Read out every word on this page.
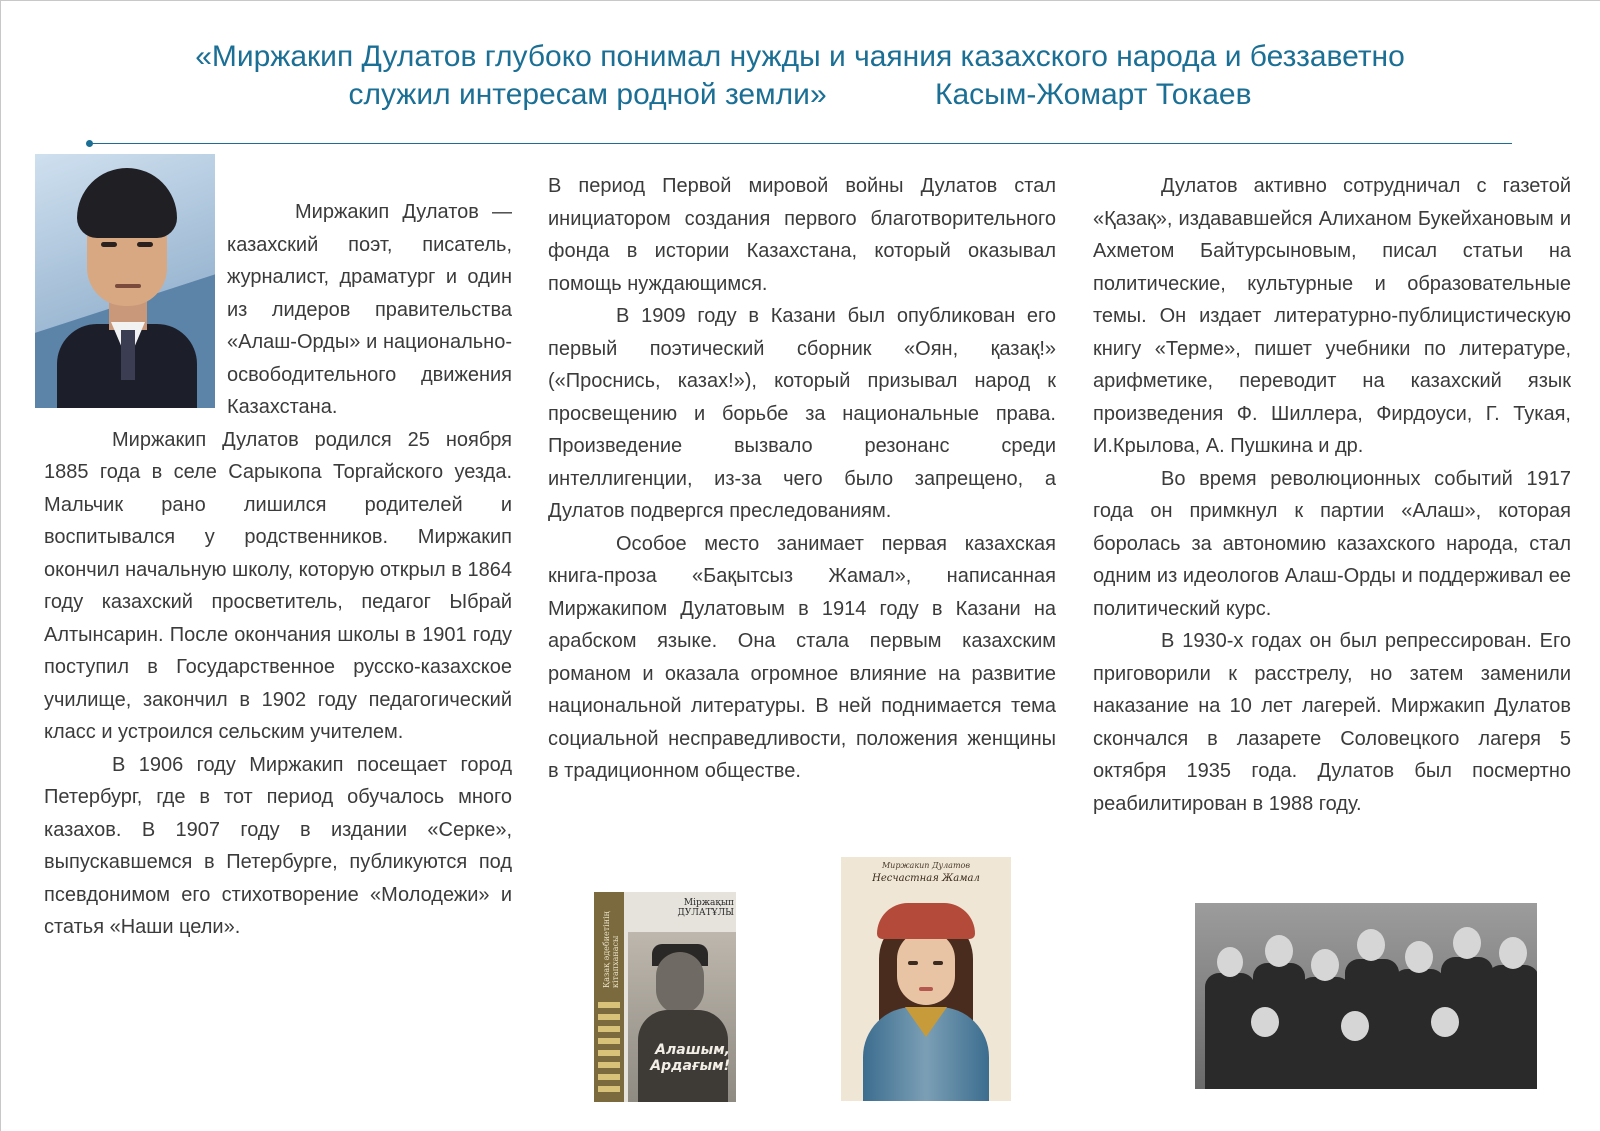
«Миржакип Дулатов глубоко понимал нужды и чаяния казахского народа и беззаветно
служил интересам родной земли»	Касым-Жомарт Токаев

Миржакип Дулатов — казахский поэт, писатель, журналист, драматург и один из лидеров правительства «Алаш-Орды» и национально-освободительного движения Казахстана.

Миржакип Дулатов родился 25 ноября 1885 года в селе Сарыкопа Торгайского уезда. Мальчик рано лишился родителей и воспитывался у родственников. Миржакип окончил начальную школу, которую открыл в 1864 году казахский просветитель, педагог Ыбрай Алтынсарин. После окончания школы в 1901 году поступил в Государственное русско-казахское училище, закончил в 1902 году педагогический класс и устроился сельским учителем.

В 1906 году Миржакип посещает город Петербург, где в тот период обучалось много казахов. В 1907 году в издании «Серке», выпускавшемся в Петербурге, публикуются под псевдонимом его стихотворение «Молодежи» и статья «Наши цели».

В период Первой мировой войны Дулатов стал инициатором создания первого благотворительного фонда в истории Казахстана, который оказывал помощь нуждающимся.

В 1909 году в Казани был опубликован его первый поэтический сборник «Оян, қазақ!» («Проснись, казах!»), который призывал народ к просвещению и борьбе за национальные права. Произведение вызвало резонанс среди интеллигенции, из-за чего было запрещено, а Дулатов подвергся преследованиям.

Особое место занимает первая казахская книга-проза «Бақытсыз Жамал», написанная Миржакипом Дулатовым в 1914 году в Казани на арабском языке. Она стала первым казахским романом и оказала огромное влияние на развитие национальной литературы. В ней поднимается тема социальной несправедливости, положения женщины в традиционном обществе.

Дулатов активно сотрудничал с газетой «Қазақ», издававшейся Алиханом Букейхановым и Ахметом Байтурсыновым, писал статьи на политические, культурные и образовательные темы. Он издает литературно-публицистическую книгу «Терме», пишет учебники по литературе, арифметике, переводит на казахский язык произведения Ф. Шиллера, Фирдоуси, Г. Тукая, И.Крылова, А. Пушкина и др.

Во время революционных событий 1917 года он примкнул к партии «Алаш», которая боролась за автономию казахского народа, стал одним из идеологов Алаш-Орды и поддерживал ее политический курс.

В 1930-х годах он был репрессирован. Его приговорили к расстрелу, но затем заменили наказание на 10 лет лагерей. Миржакип Дулатов скончался в лазарете Соловецкого лагеря 5 октября 1935 года. Дулатов был посмертно реабилитирован в 1988 году.

Қазақ әдебиетінің кітапханасы
Міржақып ДУЛАТҰЛЫ
Алашым, Ардағым!
Миржакип Дулатов
Несчастная Жамал
